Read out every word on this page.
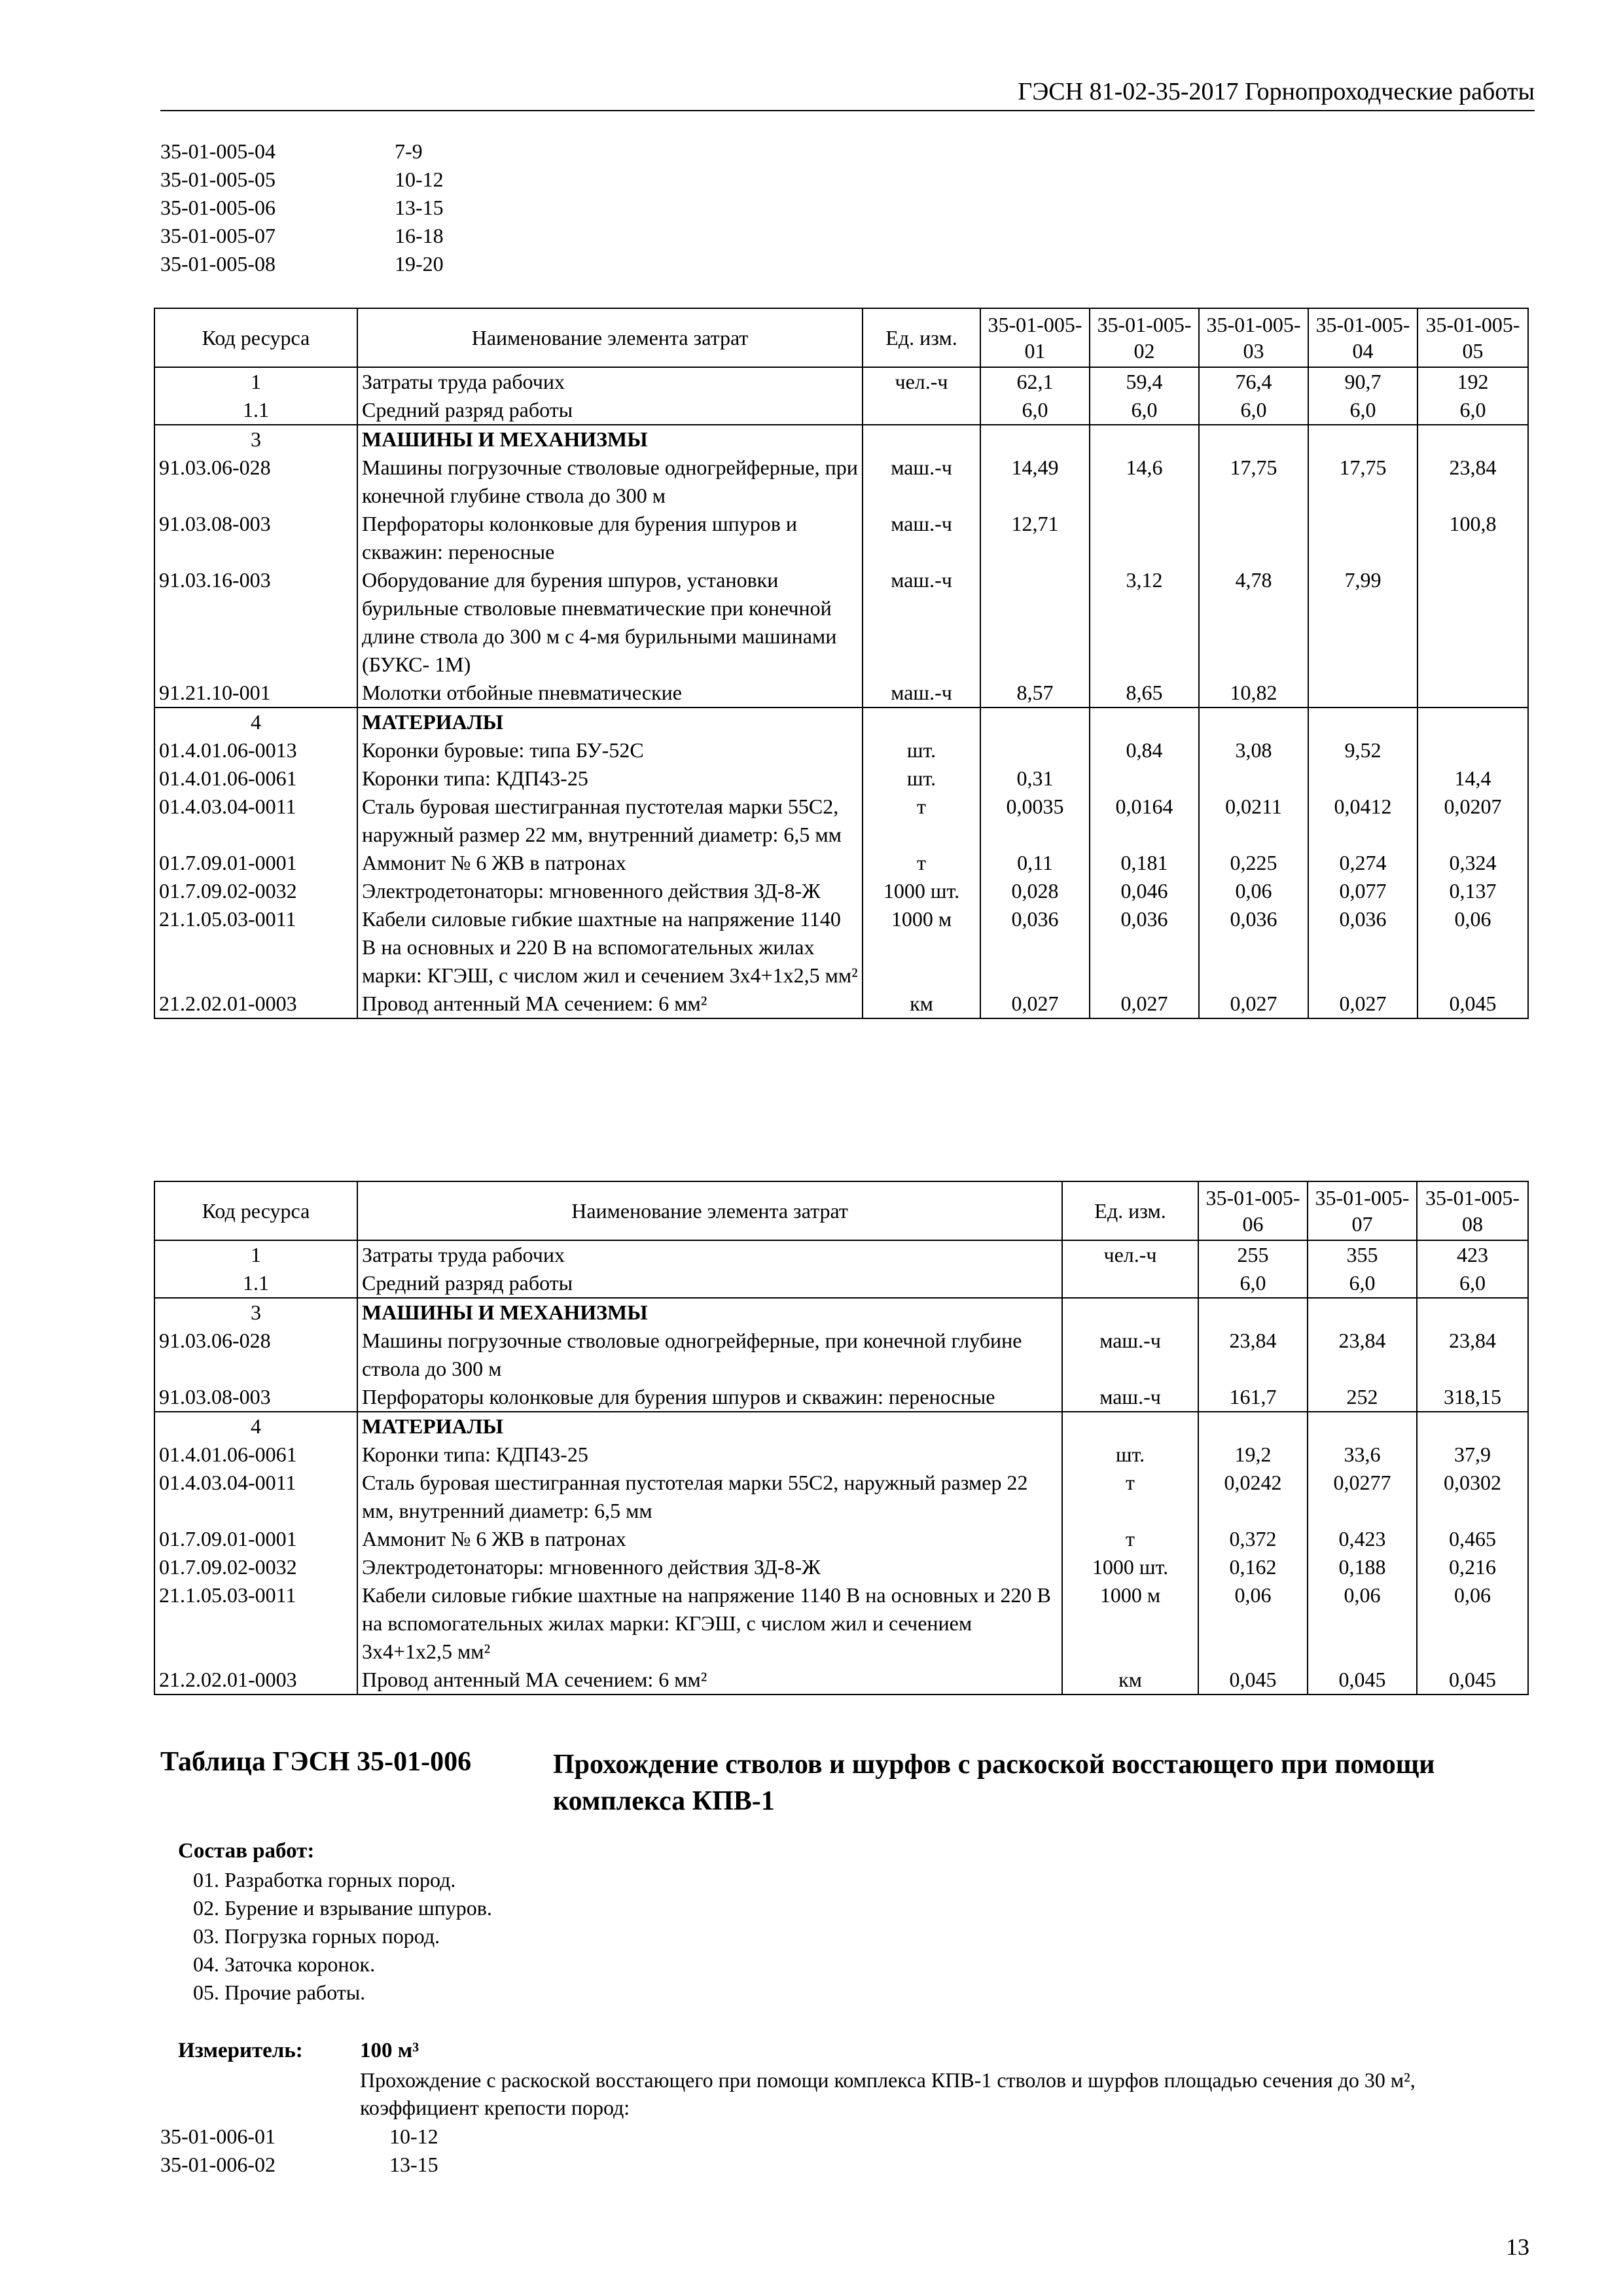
ГЭСН 81-02-35-2017 Горнопроходческие работы
35-01-005-04	7-9
35-01-005-05	10-12
35-01-005-06	13-15
35-01-005-07	16-18
35-01-005-08	19-20
Код ресурса	Наименование элемента затрат	Ед. изм.	35-01-005-01	35-01-005-02	35-01-005-03	35-01-005-04	35-01-005-05
1	Затраты труда рабочих	чел.-ч	62,1	59,4	76,4	90,7	192
1.1	Средний разряд работы		6,0	6,0	6,0	6,0	6,0
3	МАШИНЫ И МЕХАНИЗМЫ						
91.03.06-028	Машины погрузочные стволовые одногрейферные, при конечной глубине ствола до 300 м	маш.-ч	14,49	14,6	17,75	17,75	23,84
91.03.08-003	Перфораторы колонковые для бурения шпуров и скважин: переносные	маш.-ч	12,71				100,8
91.03.16-003	Оборудование для бурения шпуров, установки бурильные стволовые пневматические при конечной длине ствола до 300 м с 4-мя бурильными машинами (БУКС- 1М)	маш.-ч		3,12	4,78	7,99	
91.21.10-001	Молотки отбойные пневматические	маш.-ч	8,57	8,65	10,82		
4	МАТЕРИАЛЫ						
01.4.01.06-0013	Коронки буровые: типа БУ-52С	шт.		0,84	3,08	9,52	
01.4.01.06-0061	Коронки типа: КДП43-25	шт.	0,31				14,4
01.4.03.04-0011	Сталь буровая шестигранная пустотелая марки 55С2, наружный размер 22 мм, внутренний диаметр: 6,5 мм	т	0,0035	0,0164	0,0211	0,0412	0,0207
01.7.09.01-0001	Аммонит № 6 ЖВ в патронах	т	0,11	0,181	0,225	0,274	0,324
01.7.09.02-0032	Электродетонаторы: мгновенного действия ЗД-8-Ж	1000 шт.	0,028	0,046	0,06	0,077	0,137
21.1.05.03-0011	Кабели силовые гибкие шахтные на напряжение 1140 В на основных и 220 В на вспомогательных жилах марки: КГЭШ, с числом жил и сечением 3х4+1х2,5 мм²	1000 м	0,036	0,036	0,036	0,036	0,06
21.2.02.01-0003	Провод антенный МА сечением: 6 мм²	км	0,027	0,027	0,027	0,027	0,045
Код ресурса	Наименование элемента затрат	Ед. изм.	35-01-005-06	35-01-005-07	35-01-005-08
1	Затраты труда рабочих	чел.-ч	255	355	423
1.1	Средний разряд работы		6,0	6,0	6,0
3	МАШИНЫ И МЕХАНИЗМЫ				
91.03.06-028	Машины погрузочные стволовые одногрейферные, при конечной глубине ствола до 300 м	маш.-ч	23,84	23,84	23,84
91.03.08-003	Перфораторы колонковые для бурения шпуров и скважин: переносные	маш.-ч	161,7	252	318,15
4	МАТЕРИАЛЫ				
01.4.01.06-0061	Коронки типа: КДП43-25	шт.	19,2	33,6	37,9
01.4.03.04-0011	Сталь буровая шестигранная пустотелая марки 55С2, наружный размер 22 мм, внутренний диаметр: 6,5 мм	т	0,0242	0,0277	0,0302
01.7.09.01-0001	Аммонит № 6 ЖВ в патронах	т	0,372	0,423	0,465
01.7.09.02-0032	Электродетонаторы: мгновенного действия ЗД-8-Ж	1000 шт.	0,162	0,188	0,216
21.1.05.03-0011	Кабели силовые гибкие шахтные на напряжение 1140 В на основных и 220 В на вспомогательных жилах марки: КГЭШ, с числом жил и сечением 3х4+1х2,5 мм²	1000 м	0,06	0,06	0,06
21.2.02.01-0003	Провод антенный МА сечением: 6 мм²	км	0,045	0,045	0,045
Таблица ГЭСН 35-01-006	Прохождение стволов и шурфов с раскоской восстающего при помощи комплекса КПВ-1
Состав работ:
01. Разработка горных пород.
02. Бурение и взрывание шпуров.
03. Погрузка горных пород.
04. Заточка коронок.
05. Прочие работы.
Измеритель:	100 м³
Прохождение с раскоской восстающего при помощи комплекса КПВ-1 стволов и шурфов площадью сечения до 30 м², коэффициент крепости пород:
35-01-006-01	10-12
35-01-006-02	13-15
13
